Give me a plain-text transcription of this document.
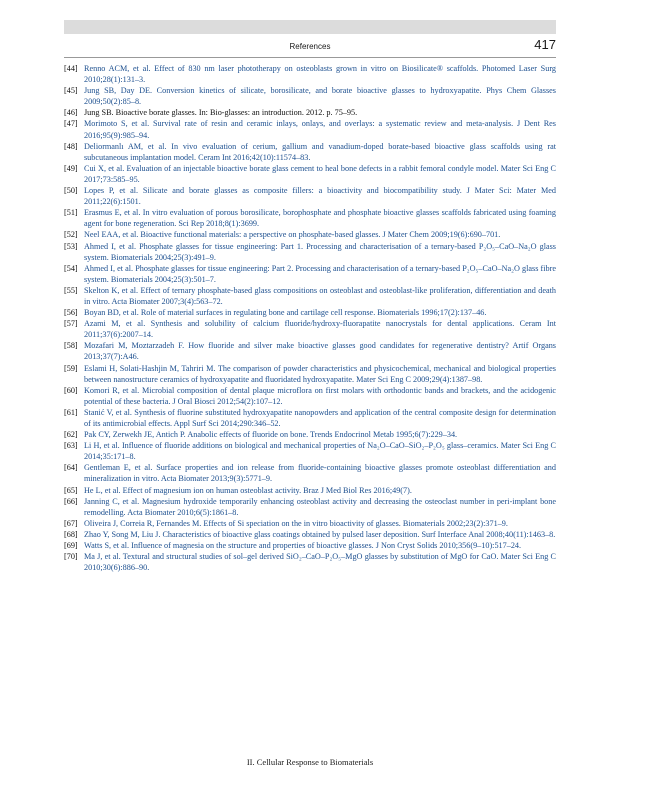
References	417
[44] Renno ACM, et al. Effect of 830 nm laser phototherapy on osteoblasts grown in vitro on Biosilicate® scaffolds. Photomed Laser Surg 2010;28(1):131–3.
[45] Jung SB, Day DE. Conversion kinetics of silicate, borosilicate, and borate bioactive glasses to hydroxyapatite. Phys Chem Glasses 2009;50(2):85–8.
[46] Jung SB. Bioactive borate glasses. In: Bio-glasses: an introduction. 2012. p. 75–95.
[47] Morimoto S, et al. Survival rate of resin and ceramic inlays, onlays, and overlays: a systematic review and meta-analysis. J Dent Res 2016;95(9):985–94.
[48] Deliormanlı AM, et al. In vivo evaluation of cerium, gallium and vanadium-doped borate-based bioactive glass scaffolds using rat subcutaneous implantation model. Ceram Int 2016;42(10):11574–83.
[49] Cui X, et al. Evaluation of an injectable bioactive borate glass cement to heal bone defects in a rabbit femoral condyle model. Mater Sci Eng C 2017;73:585–95.
[50] Lopes P, et al. Silicate and borate glasses as composite fillers: a bioactivity and biocompatibility study. J Mater Sci: Mater Med 2011;22(6):1501.
[51] Erasmus E, et al. In vitro evaluation of porous borosilicate, borophosphate and phosphate bioactive glasses scaffolds fabricated using foaming agent for bone regeneration. Sci Rep 2018;8(1):3699.
[52] Neel EAA, et al. Bioactive functional materials: a perspective on phosphate-based glasses. J Mater Chem 2009;19(6):690–701.
[53] Ahmed I, et al. Phosphate glasses for tissue engineering: Part 1. Processing and characterisation of a ternary-based P₂O₅–CaO–Na₂O glass system. Biomaterials 2004;25(3):491–9.
[54] Ahmed I, et al. Phosphate glasses for tissue engineering: Part 2. Processing and characterisation of a ternary-based P₂O₅–CaO–Na₂O glass fibre system. Biomaterials 2004;25(3):501–7.
[55] Skelton K, et al. Effect of ternary phosphate-based glass compositions on osteoblast and osteoblast-like proliferation, differentiation and death in vitro. Acta Biomater 2007;3(4):563–72.
[56] Boyan BD, et al. Role of material surfaces in regulating bone and cartilage cell response. Biomaterials 1996;17(2):137–46.
[57] Azami M, et al. Synthesis and solubility of calcium fluoride/hydroxy-fluorapatite nanocrystals for dental applications. Ceram Int 2011;37(6):2007–14.
[58] Mozafari M, Moztarzadeh F. How fluoride and silver make bioactive glasses good candidates for regenerative dentistry? Artif Organs 2013;37(7):A46.
[59] Eslami H, Solati-Hashjin M, Tahriri M. The comparison of powder characteristics and physicochemical, mechanical and biological properties between nanostructure ceramics of hydroxyapatite and fluoridated hydroxyapatite. Mater Sci Eng C 2009;29(4):1387–98.
[60] Komori R, et al. Microbial composition of dental plaque microflora on first molars with orthodontic bands and brackets, and the acidogenic potential of these bacteria. J Oral Biosci 2012;54(2):107–12.
[61] Stanić V, et al. Synthesis of fluorine substituted hydroxyapatite nanopowders and application of the central composite design for determination of its antimicrobial effects. Appl Surf Sci 2014;290:346–52.
[62] Pak CY, Zerwekh JE, Antich P. Anabolic effects of fluoride on bone. Trends Endocrinol Metab 1995;6(7):229–34.
[63] Li H, et al. Influence of fluoride additions on biological and mechanical properties of Na₂O–CaO–SiO₂–P₂O₅ glass–ceramics. Mater Sci Eng C 2014;35:171–8.
[64] Gentleman E, et al. Surface properties and ion release from fluoride-containing bioactive glasses promote osteoblast differentiation and mineralization in vitro. Acta Biomater 2013;9(3):5771–9.
[65] He L, et al. Effect of magnesium ion on human osteoblast activity. Braz J Med Biol Res 2016;49(7).
[66] Janning C, et al. Magnesium hydroxide temporarily enhancing osteoblast activity and decreasing the osteoclast number in peri-implant bone remodelling. Acta Biomater 2010;6(5):1861–8.
[67] Oliveira J, Correia R, Fernandes M. Effects of Si speciation on the in vitro bioactivity of glasses. Biomaterials 2002;23(2):371–9.
[68] Zhao Y, Song M, Liu J. Characteristics of bioactive glass coatings obtained by pulsed laser deposition. Surf Interface Anal 2008;40(11):1463–8.
[69] Watts S, et al. Influence of magnesia on the structure and properties of bioactive glasses. J Non Cryst Solids 2010;356(9–10):517–24.
[70] Ma J, et al. Textural and structural studies of sol–gel derived SiO₂–CaO–P₂O₅–MgO glasses by substitution of MgO for CaO. Mater Sci Eng C 2010;30(6):886–90.
II. Cellular Response to Biomaterials
